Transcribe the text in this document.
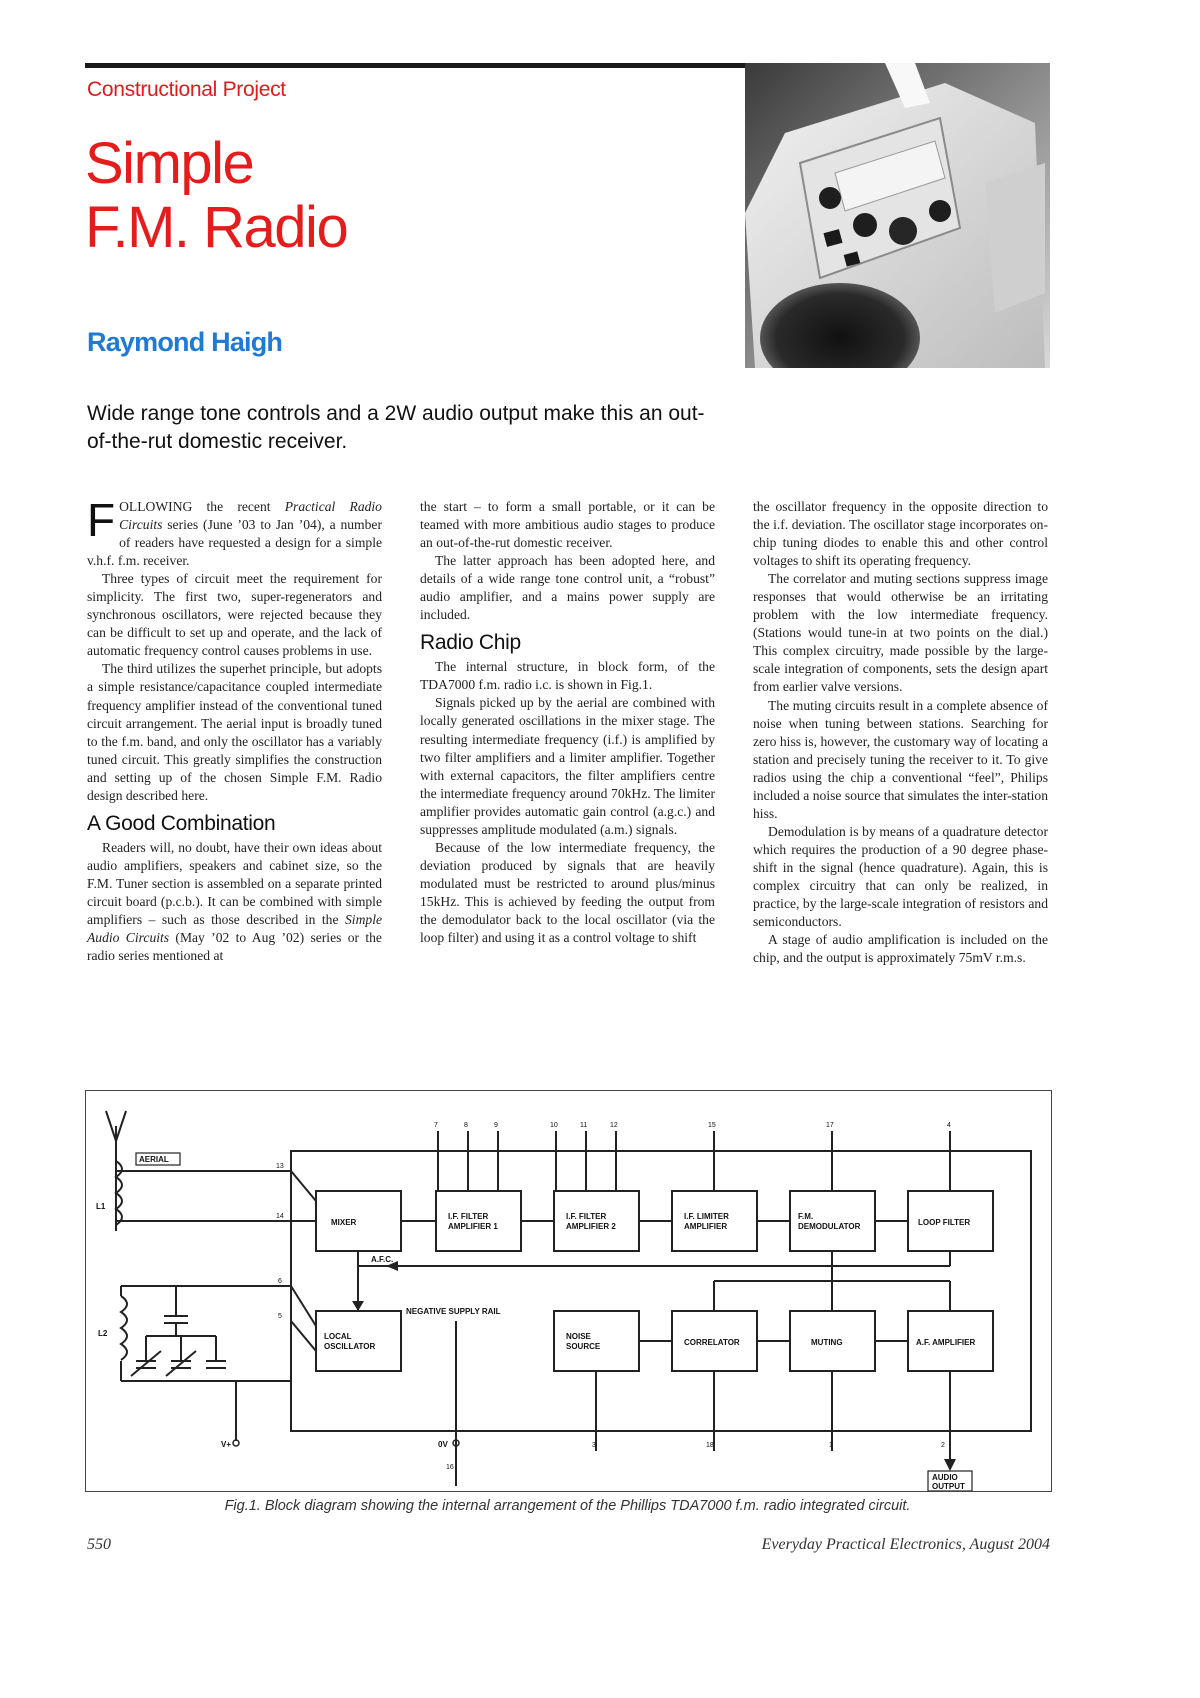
Constructional Project
Simple
F.M. Radio
Raymond Haigh
Wide range tone controls and a 2W audio output make this an out-of-the-rut domestic receiver.

FOLLOWING the recent Practical Radio Circuits series (June ’03 to Jan ’04), a number of readers have requested a design for a simple v.h.f. f.m. receiver.

Three types of circuit meet the requirement for simplicity. The first two, super-regenerators and synchronous oscillators, were rejected because they can be difficult to set up and operate, and the lack of automatic frequency control causes problems in use.

The third utilizes the superhet principle, but adopts a simple resistance/capacitance coupled intermediate frequency amplifier instead of the conventional tuned circuit arrangement. The aerial input is broadly tuned to the f.m. band, and only the oscillator has a variably tuned circuit. This greatly simplifies the construction and setting up of the chosen Simple F.M. Radio design described here.

A Good Combination

Readers will, no doubt, have their own ideas about audio amplifiers, speakers and cabinet size, so the F.M. Tuner section is assembled on a separate printed circuit board (p.c.b.). It can be combined with simple amplifiers – such as those described in the Simple Audio Circuits (May ’02 to Aug ’02) series or the radio series mentioned at

the start – to form a small portable, or it can be teamed with more ambitious audio stages to produce an out-of-the-rut domestic receiver.

The latter approach has been adopted here, and details of a wide range tone control unit, a “robust” audio amplifier, and a mains power supply are included.

Radio Chip

The internal structure, in block form, of the TDA7000 f.m. radio i.c. is shown in Fig.1.

Signals picked up by the aerial are combined with locally generated oscillations in the mixer stage. The resulting intermediate frequency (i.f.) is amplified by two filter amplifiers and a limiter amplifier. Together with external capacitors, the filter amplifiers centre the intermediate frequency around 70kHz. The limiter amplifier provides automatic gain control (a.g.c.) and suppresses amplitude modulated (a.m.) signals.

Because of the low intermediate frequency, the deviation produced by signals that are heavily modulated must be restricted to around plus/minus 15kHz. This is achieved by feeding the output from the demodulator back to the local oscillator (via the loop filter) and using it as a control voltage to shift

the oscillator frequency in the opposite direction to the i.f. deviation. The oscillator stage incorporates on-chip tuning diodes to enable this and other control voltages to shift its operating frequency.

The correlator and muting sections suppress image responses that would otherwise be an irritating problem with the low intermediate frequency. (Stations would tune-in at two points on the dial.) This complex circuitry, made possible by the large-scale integration of components, sets the design apart from earlier valve versions.

The muting circuits result in a complete absence of noise when tuning between stations. Searching for zero hiss is, however, the customary way of locating a station and precisely tuning the receiver to it. To give radios using the chip a conventional “feel”, Philips included a noise source that simulates the inter-station hiss.

Demodulation is by means of a quadrature detector which requires the production of a 90 degree phase-shift in the signal (hence quadrature). Again, this is complex circuitry that can only be realized, in practice, by the large-scale integration of resistors and semiconductors.

A stage of audio amplification is included on the chip, and the output is approximately 75mV r.m.s.

AERIAL
L1
L2
V+	0V
A.F.C.
NEGATIVE SUPPLY RAIL
AUDIO
OUTPUT
MIXER
I.F. FILTER
AMPLIFIER 1
I.F. FILTER
AMPLIFIER 2
I.F. LIMITER
AMPLIFIER
F.M.
DEMODULATOR	LOOP FILTER
LOCAL
OSCILLATOR
NOISE
SOURCE	CORRELATOR	MUTING	A.F. AMPLIFIER
7	8	9	10	11	12	15	17	4
13
14
6
5
16
3	18	1	2
Fig.1. Block diagram showing the internal arrangement of the Phillips TDA7000 f.m. radio integrated circuit.
550	Everyday Practical Electronics, August 2004
